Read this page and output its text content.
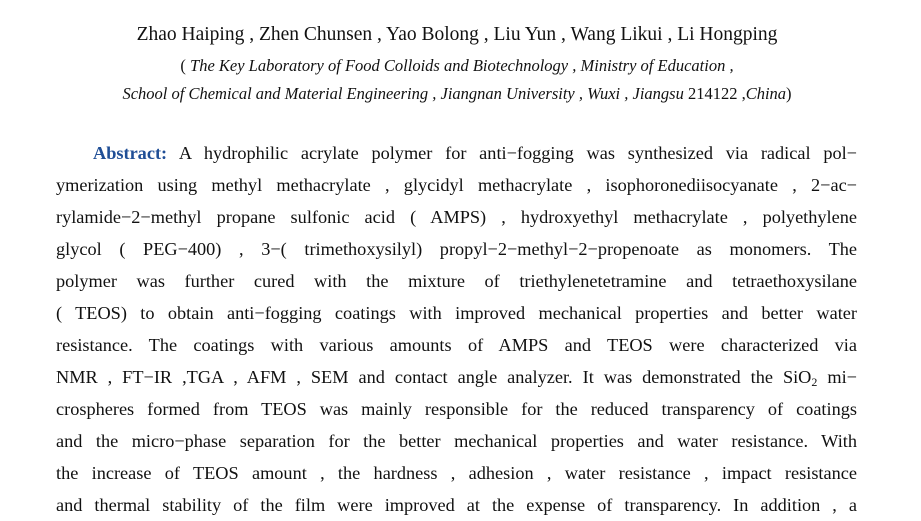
Zhao Haiping , Zhen Chunsen , Yao Bolong , Liu Yun , Wang Likui , Li Hongping
( The Key Laboratory of Food Colloids and Biotechnology , Ministry of Education ,
School of Chemical and Material Engineering , Jiangnan University , Wuxi , Jiangsu 214122 ,China)
Abstract: A hydrophilic acrylate polymer for anti−fogging was synthesized via radical pol−
ymerization using methyl methacrylate , glycidyl methacrylate , isophoronediisocyanate , 2−ac−
rylamide−2−methyl propane sulfonic acid ( AMPS) , hydroxyethyl methacrylate , polyethylene
glycol ( PEG−400) , 3−( trimethoxysilyl) propyl−2−methyl−2−propenoate as monomers. The
polymer was further cured with the mixture of triethylenetetramine and tetraethoxysilane
( TEOS) to obtain anti−fogging coatings with improved mechanical properties and better water
resistance. The coatings with various amounts of AMPS and TEOS were characterized via
NMR , FT−IR ,TGA , AFM , SEM and contact angle analyzer. It was demonstrated the SiO$_2$ mi−
crospheres formed from TEOS was mainly responsible for the reduced transparency of coatings
and the micro−phase separation for the better mechanical properties and water resistance. With
the increase of TEOS amount , the hardness , adhesion , water resistance , impact resistance
and thermal stability of the film were improved at the expense of transparency. In addition , a
